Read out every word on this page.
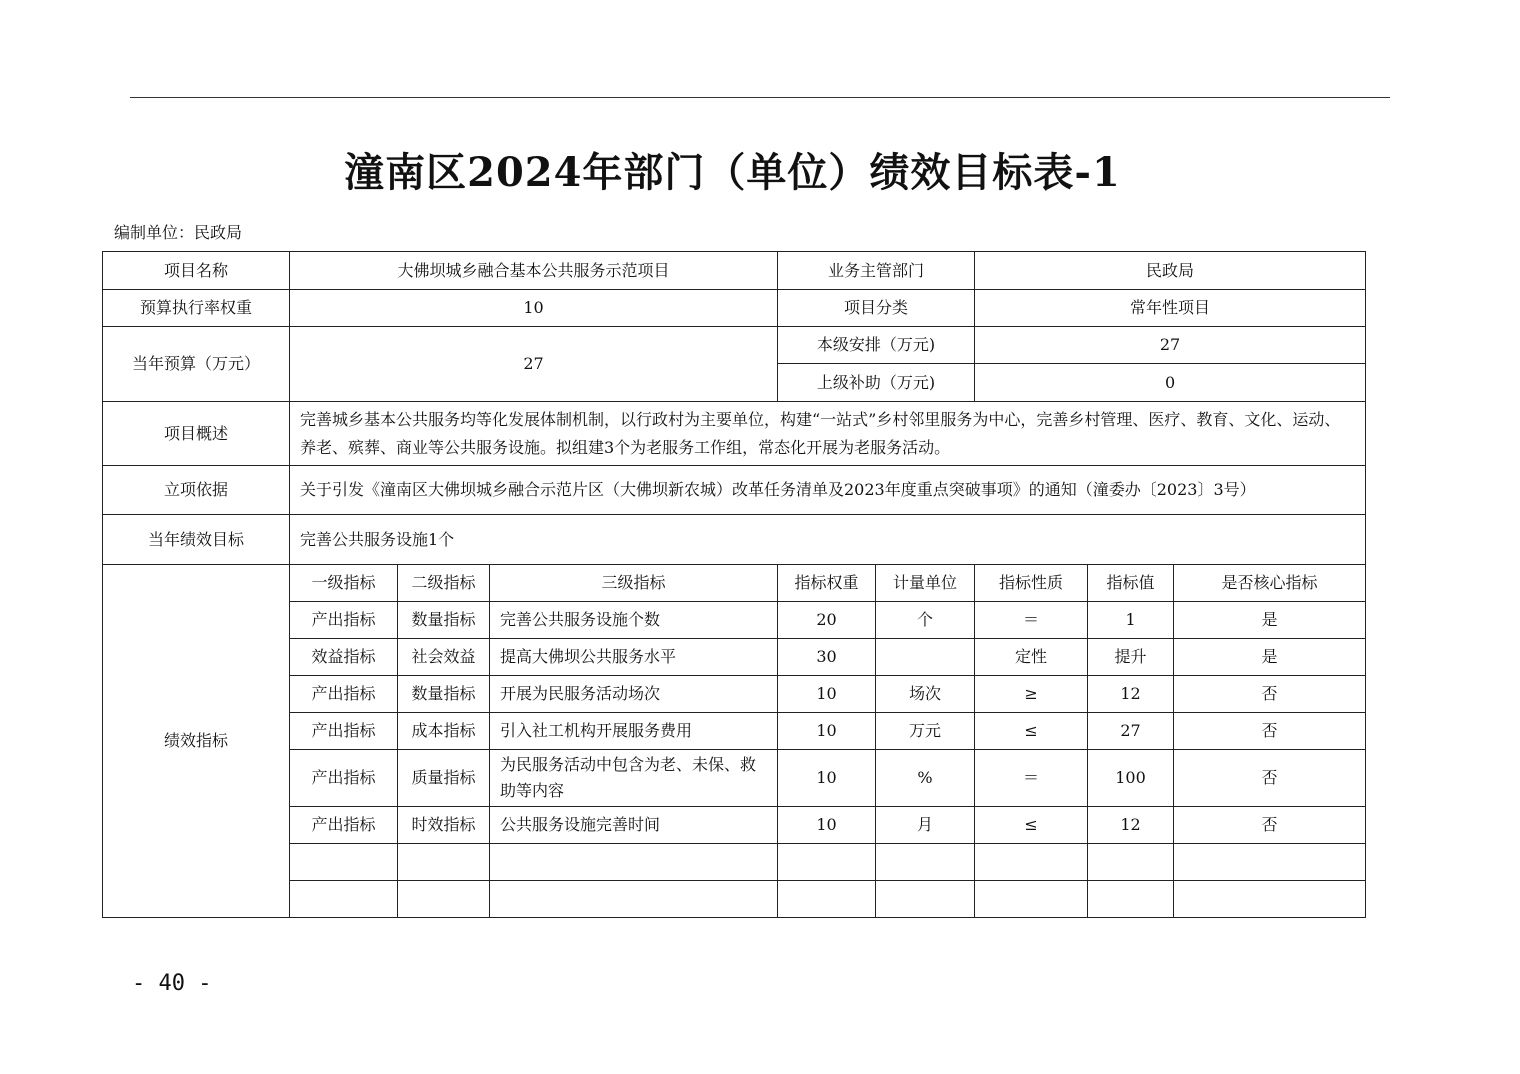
潼南区2024年部门（单位）绩效目标表-1
编制单位：民政局
项目名称	大佛坝城乡融合基本公共服务示范项目			业务主管部门		民政局		
预算执行率权重	10			项目分类		常年性项目		
当年预算（万元）	27			本级安排（万元)		27		
				上级补助（万元)		0		
项目概述	完善城乡基本公共服务均等化发展体制机制，以行政村为主要单位，构建“一站式”乡村邻里服务为中心，完善乡村管理、医疗、教育、文化、运动、养老、殡葬、商业等公共服务设施。拟组建3个为老服务工作组，常态化开展为老服务活动。							
立项依据	关于引发《潼南区大佛坝城乡融合示范片区（大佛坝新农城）改革任务清单及2023年度重点突破事项》的通知（潼委办〔2023〕3号）							
当年绩效目标	完善公共服务设施1个							
绩效指标	一级指标	二级指标	三级指标	指标权重	计量单位	指标性质	指标值	是否核心指标
	产出指标	数量指标	完善公共服务设施个数	20	个	＝	1	是
	效益指标	社会效益	提高大佛坝公共服务水平	30		定性	提升	是
	产出指标	数量指标	开展为民服务活动场次	10	场次	≥	12	否
	产出指标	成本指标	引入社工机构开展服务费用	10	万元	≤	27	否
	产出指标	质量指标	为民服务活动中包含为老、未保、救助等内容	10	%	＝	100	否
	产出指标	时效指标	公共服务设施完善时间	10	月	≤	12	否

- 40 -
